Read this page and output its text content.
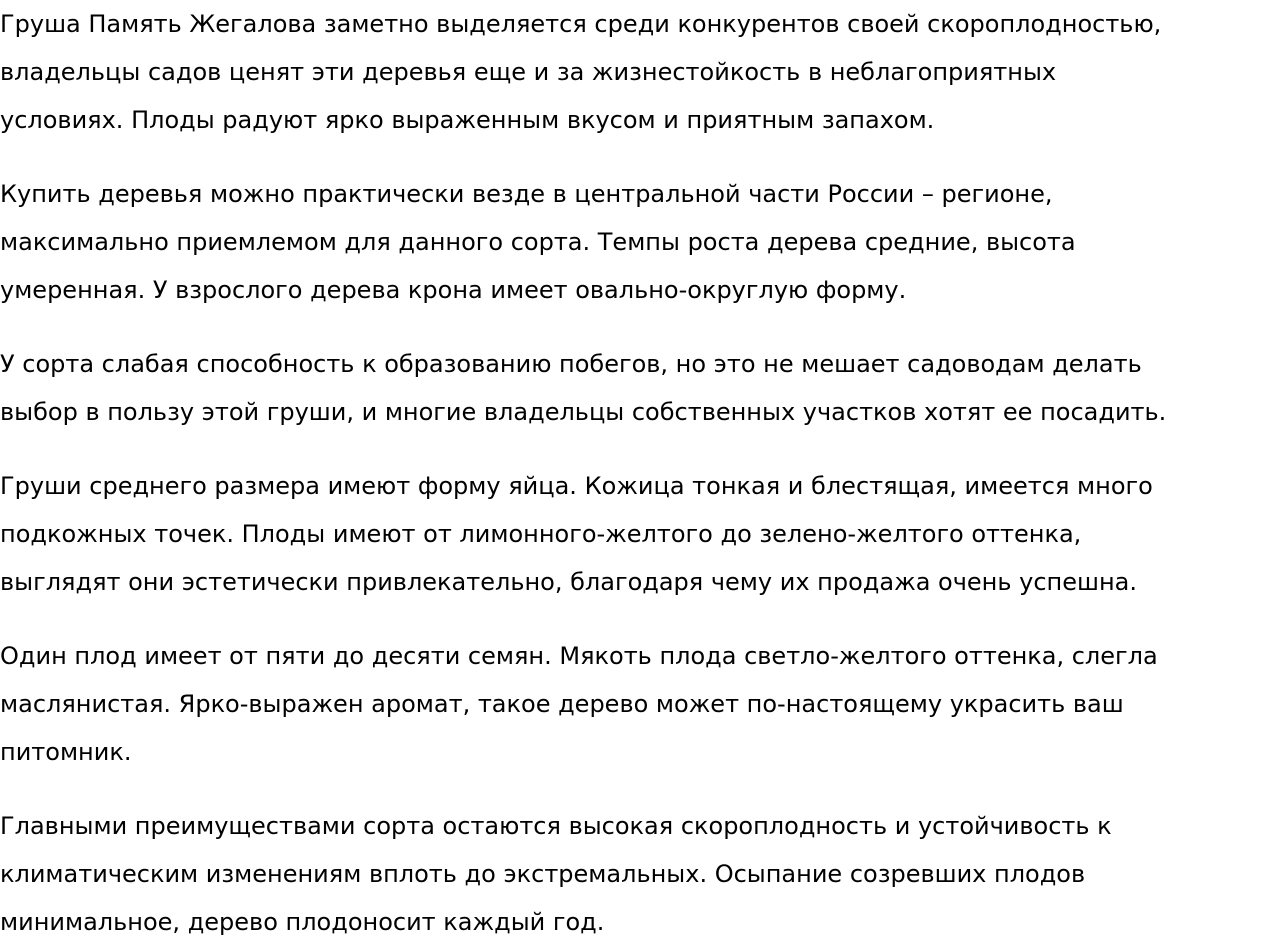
Груша Память Жегалова заметно выделяется среди конкурентов своей скороплодностью,
владельцы садов ценят эти деревья еще и за жизнестойкость в неблагоприятных
условиях. Плоды радуют ярко выраженным вкусом и приятным запахом.

Купить деревья можно практически везде в центральной части России – регионе,
максимально приемлемом для данного сорта. Темпы роста дерева средние, высота
умеренная. У взрослого дерева крона имеет овально-округлую форму.

У сорта слабая способность к образованию побегов, но это не мешает садоводам делать
выбор в пользу этой груши, и многие владельцы собственных участков хотят ее посадить.

Груши среднего размера имеют форму яйца. Кожица тонкая и блестящая, имеется много
подкожных точек. Плоды имеют от лимонного-желтого до зелено-желтого оттенка,
выглядят они эстетически привлекательно, благодаря чему их продажа очень успешна.

Один плод имеет от пяти до десяти семян. Мякоть плода светло-желтого оттенка, слегла
маслянистая. Ярко-выражен аромат, такое дерево может по-настоящему украсить ваш
питомник.

Главными преимуществами сорта остаются высокая скороплодность и устойчивость к
климатическим изменениям вплоть до экстремальных. Осыпание созревших плодов
минимальное, дерево плодоносит каждый год.
